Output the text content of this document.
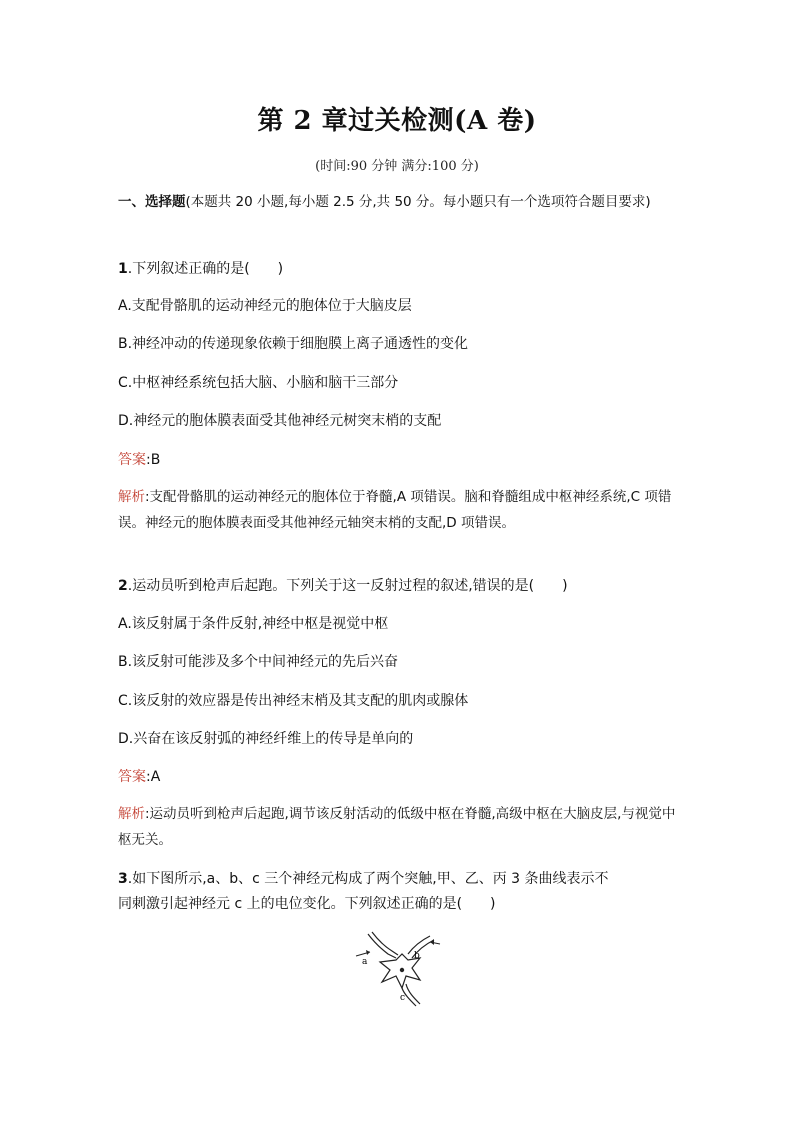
第 2 章过关检测(A 卷)
(时间:90 分钟 满分:100 分)
一、选择题(本题共 20 小题,每小题 2.5 分,共 50 分。每小题只有一个选项符合题目要求)
1.下列叙述正确的是(　　)
A.支配骨骼肌的运动神经元的胞体位于大脑皮层
B.神经冲动的传递现象依赖于细胞膜上离子通透性的变化
C.中枢神经系统包括大脑、小脑和脑干三部分
D.神经元的胞体膜表面受其他神经元树突末梢的支配
答案:B
解析:支配骨骼肌的运动神经元的胞体位于脊髓,A 项错误。脑和脊髓组成中枢神经系统,C 项错误。神经元的胞体膜表面受其他神经元轴突末梢的支配,D 项错误。
2.运动员听到枪声后起跑。下列关于这一反射过程的叙述,错误的是(　　)
A.该反射属于条件反射,神经中枢是视觉中枢
B.该反射可能涉及多个中间神经元的先后兴奋
C.该反射的效应器是传出神经末梢及其支配的肌肉或腺体
D.兴奋在该反射弧的神经纤维上的传导是单向的
答案:A
解析:运动员听到枪声后起跑,调节该反射活动的低级中枢在脊髓,高级中枢在大脑皮层,与视觉中枢无关。
3.如下图所示,a、b、c 三个神经元构成了两个突触,甲、乙、丙 3 条曲线表示不
同刺激引起神经元 c 上的电位变化。下列叙述正确的是(　　)
a
b
c
